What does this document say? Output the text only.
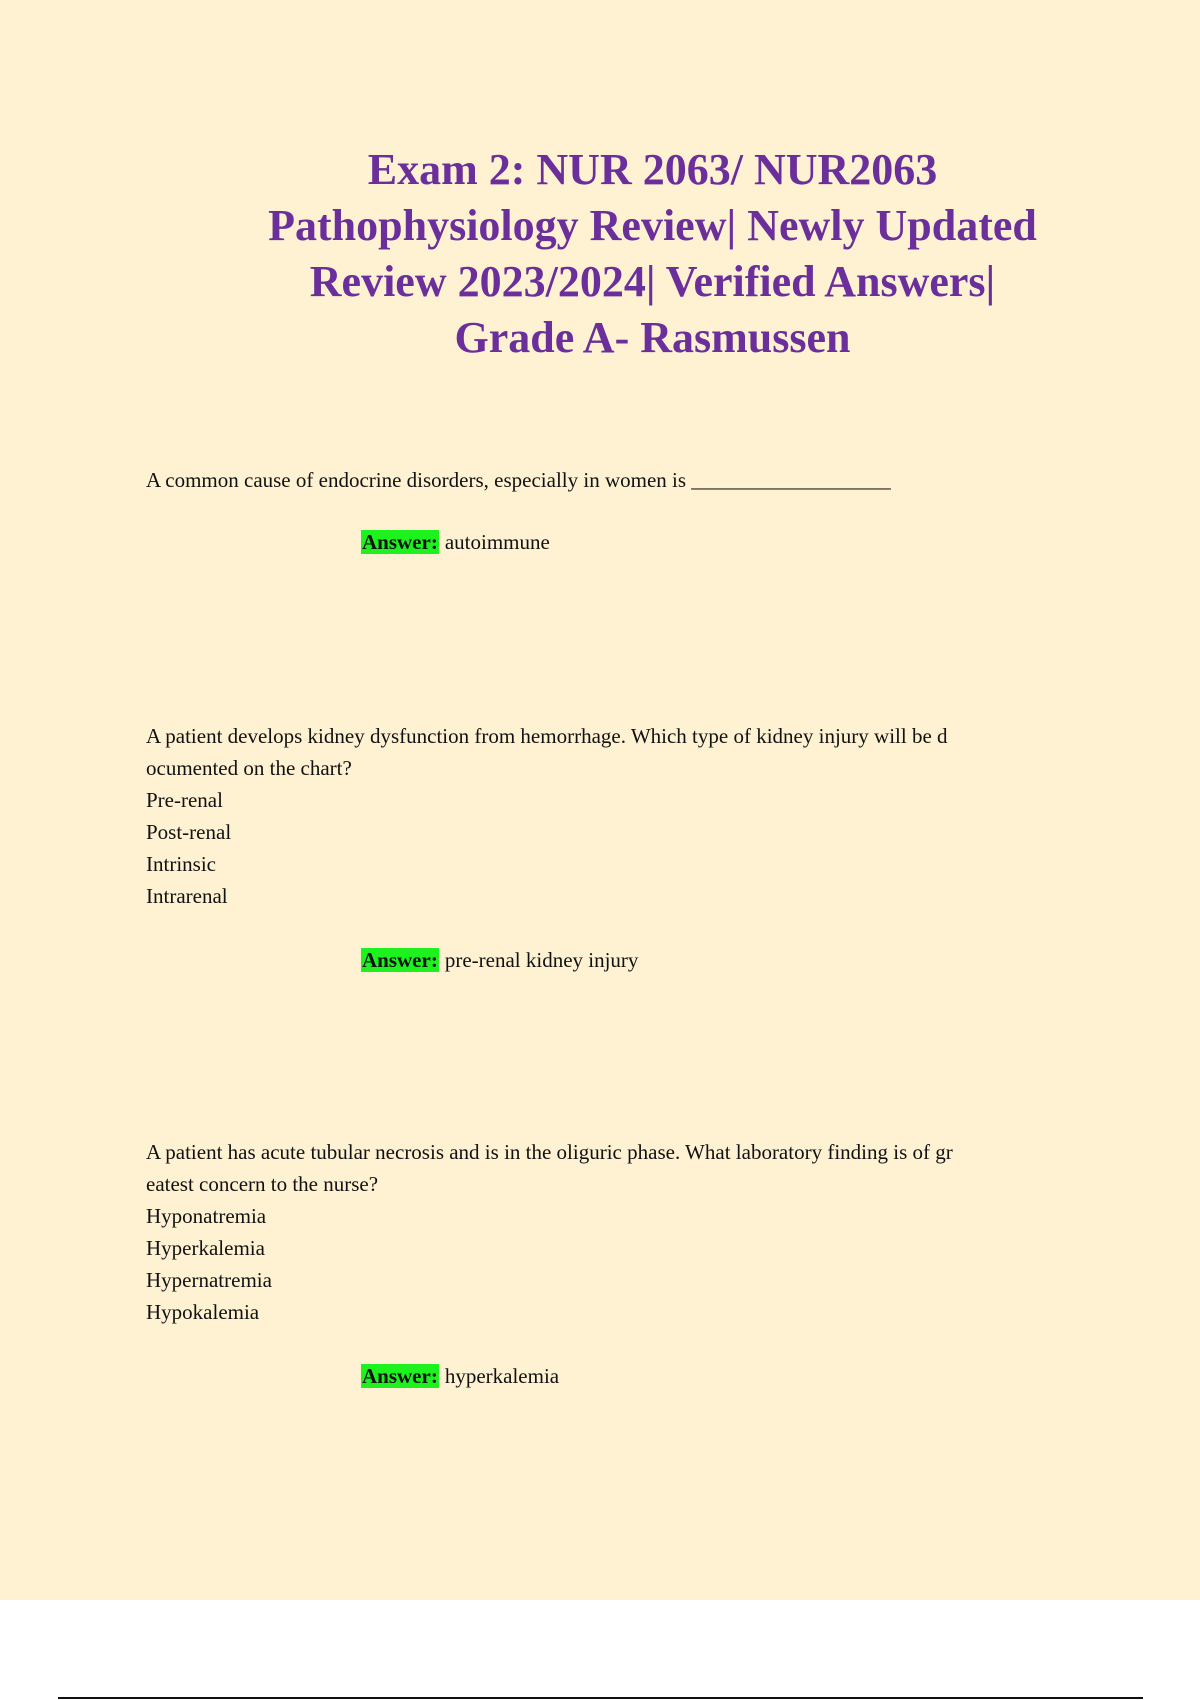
Exam 2: NUR 2063/ NUR2063
Pathophysiology Review| Newly Updated
Review 2023/2024| Verified Answers|
Grade A- Rasmussen

A common cause of endocrine disorders, especially in women is ___________________

Answer: autoimmune

A patient develops kidney dysfunction from hemorrhage. Which type of kidney injury will be d
ocumented on the chart?

Pre-renal
Post-renal
Intrinsic
Intrarenal
Answer: pre-renal kidney injury

A patient has acute tubular necrosis and is in the oliguric phase. What laboratory finding is of gr
eatest concern to the nurse?

Hyponatremia
Hyperkalemia
Hypernatremia
Hypokalemia
Answer: hyperkalemia
